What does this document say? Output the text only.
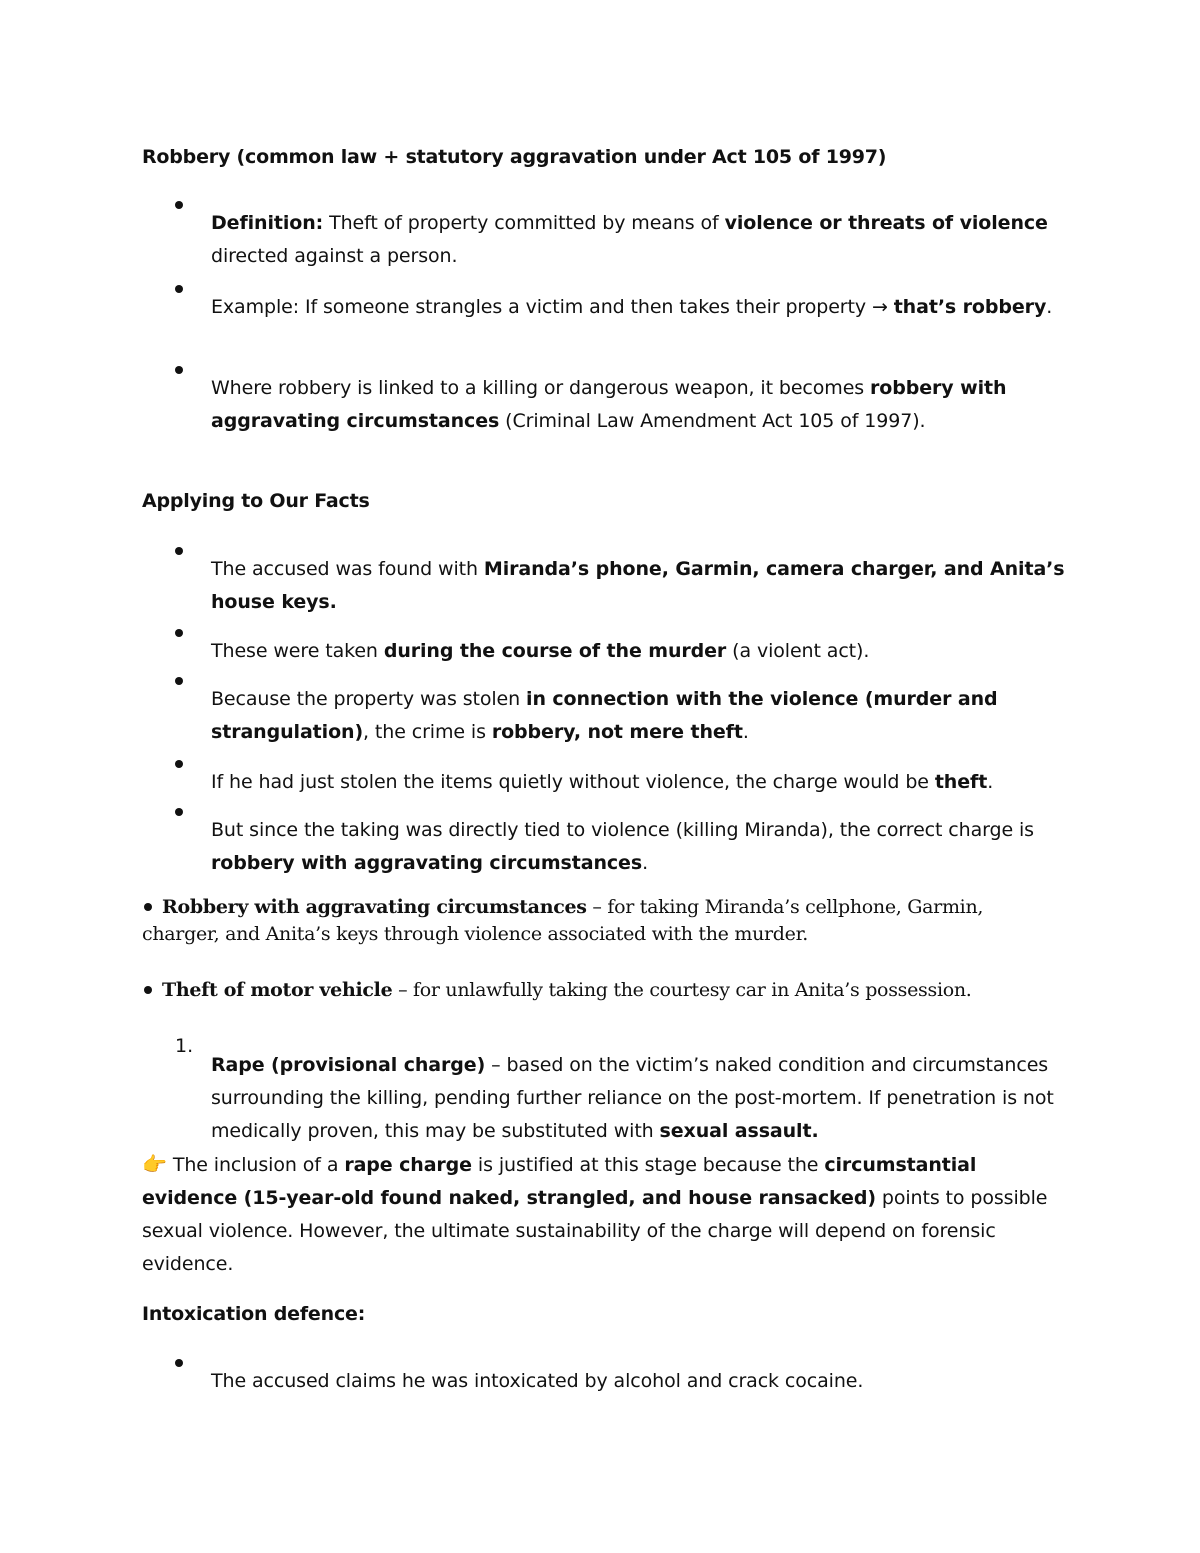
Robbery (common law + statutory aggravation under Act 105 of 1997)

Definition: Theft of property committed by means of violence or threats of violence directed against a person.

Example: If someone strangles a victim and then takes their property → that’s robbery.

Where robbery is linked to a killing or dangerous weapon, it becomes robbery with aggravating circumstances (Criminal Law Amendment Act 105 of 1997).

Applying to Our Facts

The accused was found with Miranda’s phone, Garmin, camera charger, and Anita’s house keys.

These were taken during the course of the murder (a violent act).

Because the property was stolen in connection with the violence (murder and strangulation), the crime is robbery, not mere theft.

If he had just stolen the items quietly without violence, the charge would be theft.

But since the taking was directly tied to violence (killing Miranda), the correct charge is robbery with aggravating circumstances.

Robbery with aggravating circumstances – for taking Miranda’s cellphone, Garmin, charger, and Anita’s keys through violence associated with the murder.

Theft of motor vehicle – for unlawfully taking the courtesy car in Anita’s possession.

1.

Rape (provisional charge) – based on the victim’s naked condition and circumstances surrounding the killing, pending further reliance on the post-mortem. If penetration is not medically proven, this may be substituted with sexual assault.

👉 The inclusion of a rape charge is justified at this stage because the circumstantial evidence (15-year-old found naked, strangled, and house ransacked) points to possible sexual violence. However, the ultimate sustainability of the charge will depend on forensic evidence.

Intoxication defence:

The accused claims he was intoxicated by alcohol and crack cocaine.
